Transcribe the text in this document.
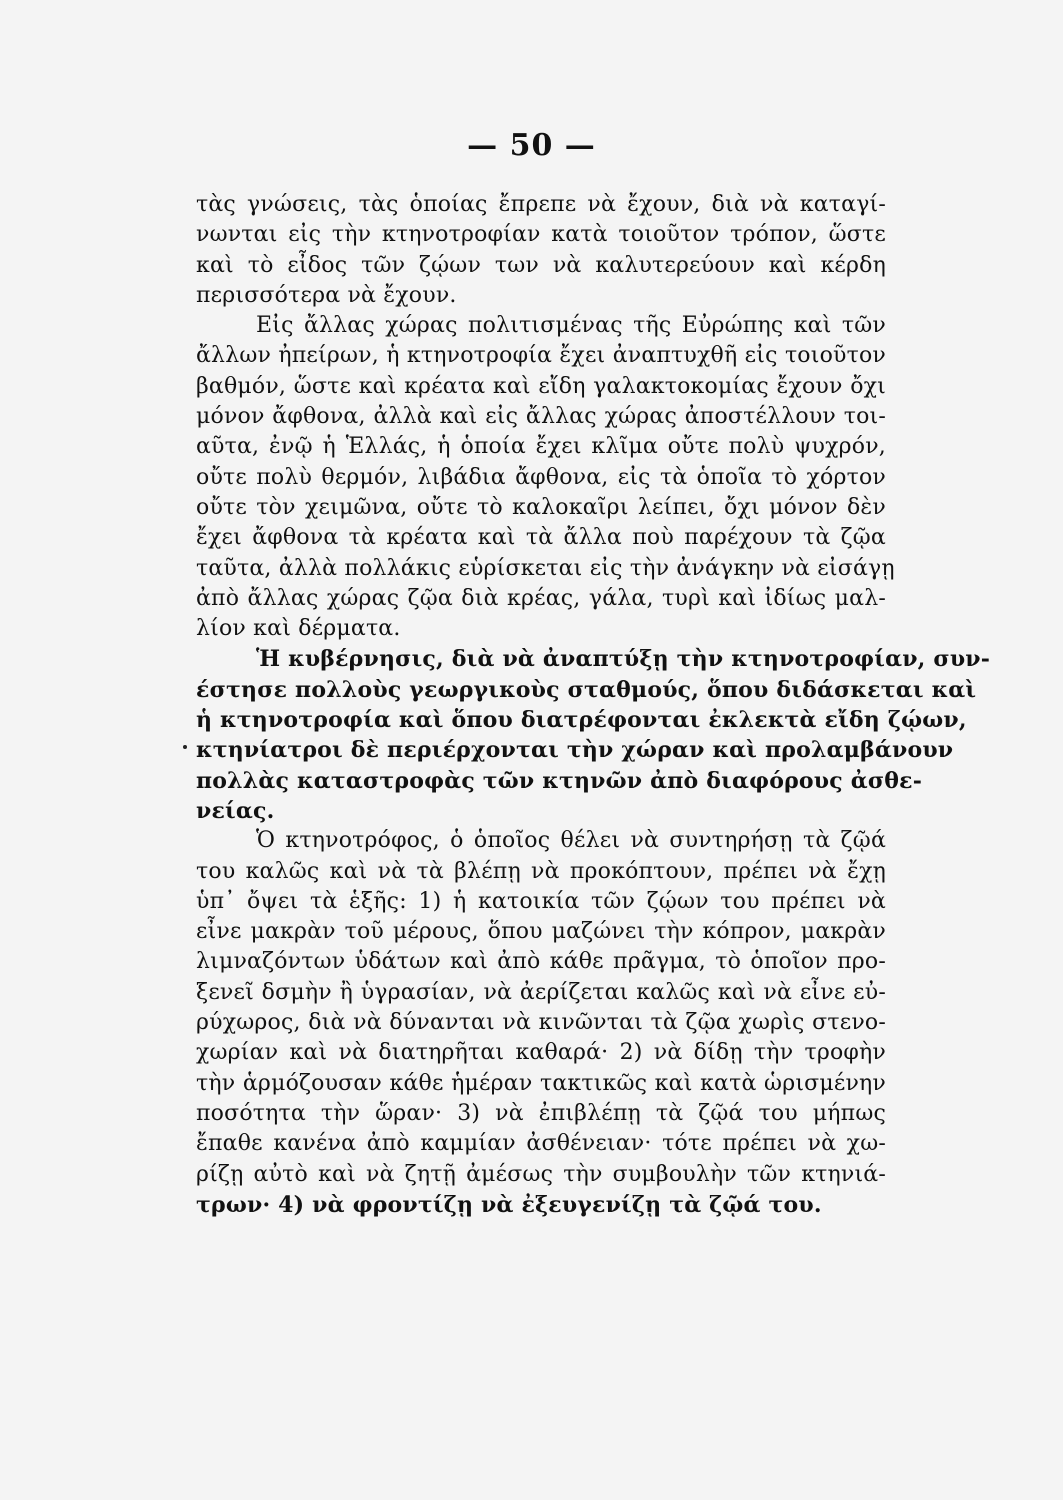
— 50 —
τὰς γνώσεις, τὰς ὁποίας ἔπρεπε νὰ ἔχουν, διὰ νὰ καταγί-
νωνται εἰς τὴν κτηνοτροφίαν κατὰ τοιοῦτον τρόπον, ὥστε
καὶ τὸ εἶδος τῶν ζῴων των νὰ καλυτερεύουν καὶ κέρδη
περισσότερα νὰ ἔχουν.
Εἰς ἄλλας χώρας πολιτισμένας τῆς Εὐρώπης καὶ τῶν
ἄλλων ἠπείρων, ἡ κτηνοτροφία ἔχει ἀναπτυχθῆ εἰς τοιοῦτον
βαθμόν, ὥστε καὶ κρέατα καὶ εἴδη γαλακτοκομίας ἔχουν ὄχι
μόνον ἄφθονα, ἀλλὰ καὶ εἰς ἄλλας χώρας ἀποστέλλουν τοι-
αῦτα, ἐνῷ ἡ Ἑλλάς, ἡ ὁποία ἔχει κλῖμα οὔτε πολὺ ψυχρόν,
οὔτε πολὺ θερμόν, λιβάδια ἄφθονα, εἰς τὰ ὁποῖα τὸ χόρτον
οὔτε τὸν χειμῶνα, οὔτε τὸ καλοκαῖρι λείπει, ὄχι μόνον δὲν
ἔχει ἄφθονα τὰ κρέατα καὶ τὰ ἄλλα ποὺ παρέχουν τὰ ζῷα
ταῦτα, ἀλλὰ πολλάκις εὑρίσκεται εἰς τὴν ἀνάγκην νὰ εἰσάγῃ
ἀπὸ ἄλλας χώρας ζῷα διὰ κρέας, γάλα, τυρὶ καὶ ἰδίως μαλ-
λίον καὶ δέρματα.
Ἡ κυβέρνησις, διὰ νὰ ἀναπτύξῃ τὴν κτηνοτροφίαν, συν-
έστησε πολλοὺς γεωργικοὺς σταθμούς, ὅπου διδάσκεται καὶ
ἡ κτηνοτροφία καὶ ὅπου διατρέφονται ἐκλεκτὰ εἴδη ζῴων,
κτηνίατροι δὲ περιέρχονται τὴν χώραν καὶ προλαμβάνουν
πολλὰς καταστροφὰς τῶν κτηνῶν ἀπὸ διαφόρους ἀσθε-
νείας.
Ὁ κτηνοτρόφος, ὁ ὁποῖος θέλει νὰ συντηρήσῃ τὰ ζῷά
του καλῶς καὶ νὰ τὰ βλέπῃ νὰ προκόπτουν, πρέπει νὰ ἔχῃ
ὑπ᾽ ὄψει τὰ ἑξῆς: 1) ἡ κατοικία τῶν ζῴων του πρέπει νὰ
εἶνε μακρὰν τοῦ μέρους, ὅπου μαζώνει τὴν κόπρον, μακρὰν
λιμναζόντων ὑδάτων καὶ ἀπὸ κάθε πρᾶγμα, τὸ ὁποῖον προ-
ξενεῖ δσμὴν ἢ ὑγρασίαν, νὰ ἀερίζεται καλῶς καὶ νὰ εἶνε εὐ-
ρύχωρος, διὰ νὰ δύνανται νὰ κινῶνται τὰ ζῷα χωρὶς στενο-
χωρίαν καὶ νὰ διατηρῆται καθαρά· 2) νὰ δίδῃ τὴν τροφὴν
τὴν ἁρμόζουσαν κάθε ἡμέραν τακτικῶς καὶ κατὰ ὡρισμένην
ποσότητα τὴν ὥραν· 3) νὰ ἐπιβλέπῃ τὰ ζῷά του μήπως
ἔπαθε κανένα ἀπὸ καμμίαν ἀσθένειαν· τότε πρέπει νὰ χω-
ρίζῃ αὐτὸ καὶ νὰ ζητῇ ἀμέσως τὴν συμβουλὴν τῶν κτηνιά-
τρων· 4) νὰ φροντίζῃ νὰ ἐξευγενίζῃ τὰ ζῷά του.
